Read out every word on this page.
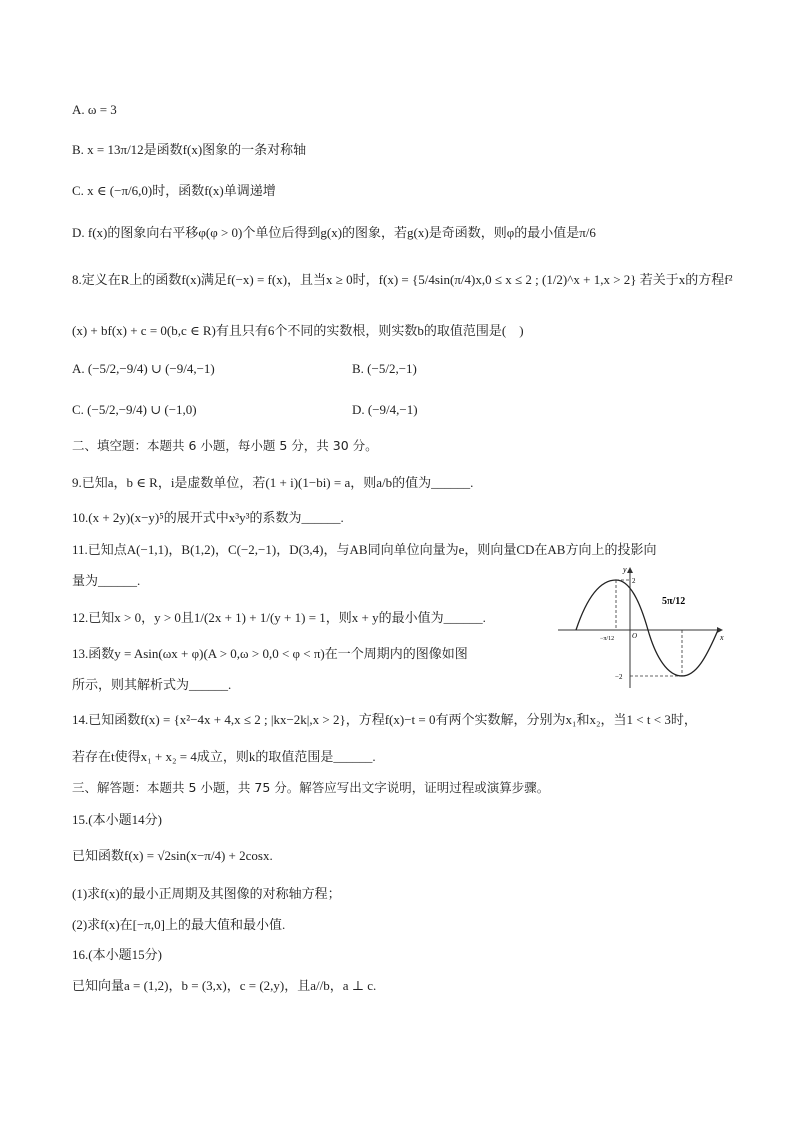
A. ω = 3
B. x = 13π/12是函数f(x)图象的一条对称轴
C. x ∈ (−π/6,0)时，函数f(x)单调递增
D. f(x)的图象向右平移φ(φ > 0)个单位后得到g(x)的图象，若g(x)是奇函数，则φ的最小值是π/6
8.定义在R上的函数f(x)满足f(−x) = f(x)，且当x ≥ 0时，f(x) = {5/4sin(π/4)x,0 ≤ x ≤ 2 ; (1/2)^x + 1,x > 2} 若关于x的方程f²
(x) + bf(x) + c = 0(b,c ∈ R)有且只有6个不同的实数根，则实数b的取值范围是(　)
A. (−5/2,−9/4) ∪ (−9/4,−1)	B. (−5/2,−1)
C. (−5/2,−9/4) ∪ (−1,0)	D. (−9/4,−1)
二、填空题：本题共 6 小题，每小题 5 分，共 30 分。
9.已知a，b ∈ R，i是虚数单位，若(1 + i)(1−bi) = a，则a/b的值为______.
10.(x + 2y)(x−y)⁵的展开式中x³y³的系数为______.
11.已知点A(−1,1)，B(1,2)，C(−2,−1)，D(3,4)，与AB同向单位向量为e，则向量CD在AB方向上的投影向
量为______.
12.已知x > 0，y > 0且1/(2x + 1) + 1/(y + 1) = 1，则x + y的最小值为______.
13.函数y = Asin(ωx + φ)(A > 0,ω > 0,0 < φ < π)在一个周期内的图像如图
所示，则其解析式为______.
14.已知函数f(x) = {x²−4x + 4,x ≤ 2 ; |kx−2k|,x > 2}，方程f(x)−t = 0有两个实数解，分别为x₁和x₂，当1 < t < 3时，
若存在t使得x₁ + x₂ = 4成立，则k的取值范围是______.
三、解答题：本题共 5 小题，共 75 分。解答应写出文字说明，证明过程或演算步骤。
15.(本小题14分)
已知函数f(x) = √2sin(x−π/4) + 2cosx.
(1)求f(x)的最小正周期及其图像的对称轴方程；
(2)求f(x)在[−π,0]上的最大值和最小值.
16.(本小题15分)
已知向量a = (1,2)，b = (3,x)，c = (2,y)，且a//b，a ⊥ c.
y
x
O
2
−2
−π/12
5π/12
